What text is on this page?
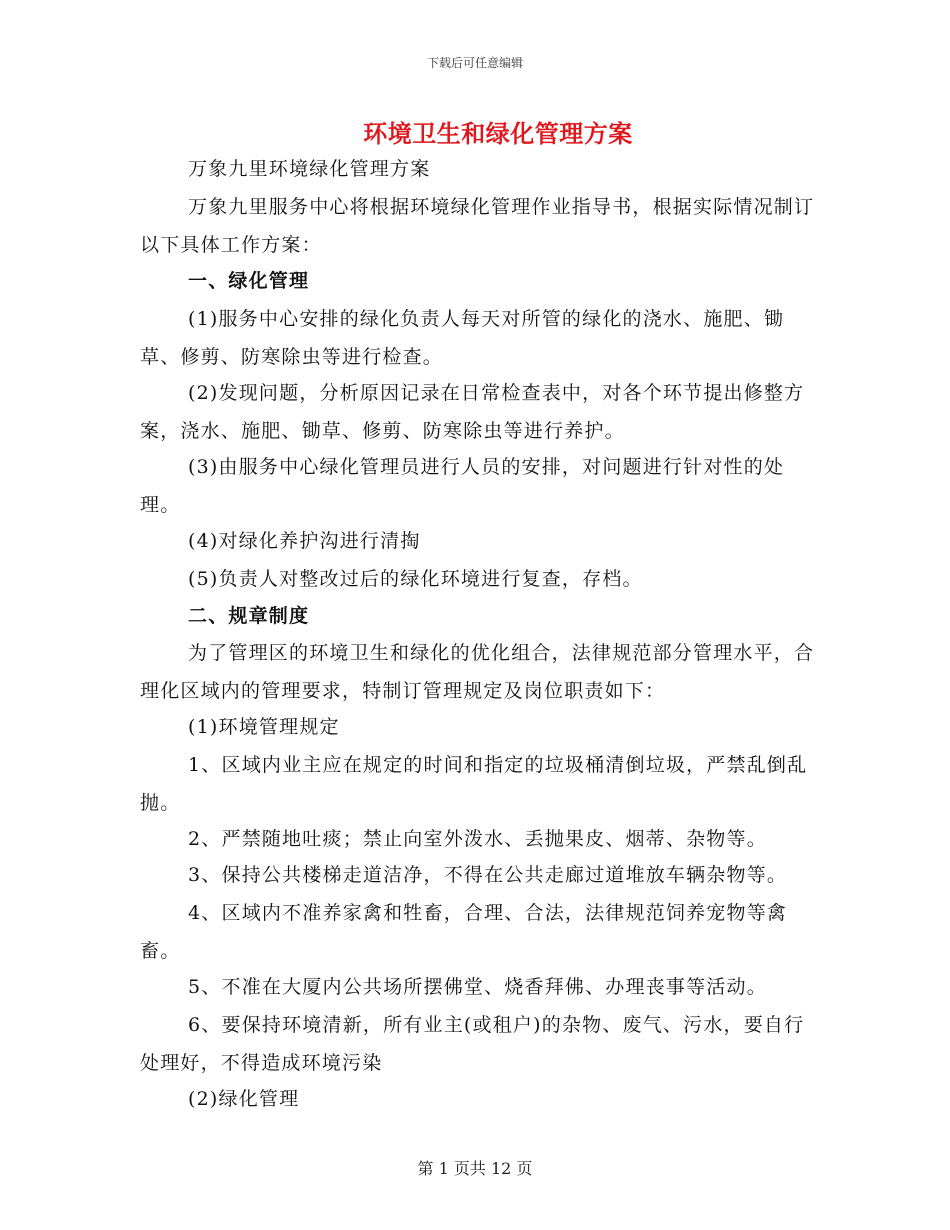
下载后可任意编辑
环境卫生和绿化管理方案

万象九里环境绿化管理方案

万象九里服务中心将根据环境绿化管理作业指导书，根据实际情况制订以下具体工作方案：

一、绿化管理

(1)服务中心安排的绿化负责人每天对所管的绿化的浇水、施肥、锄草、修剪、防寒除虫等进行检查。

(2)发现问题，分析原因记录在日常检查表中，对各个环节提出修整方案，浇水、施肥、锄草、修剪、防寒除虫等进行养护。

(3)由服务中心绿化管理员进行人员的安排，对问题进行针对性的处理。

(4)对绿化养护沟进行清掏

(5)负责人对整改过后的绿化环境进行复查，存档。

二、规章制度

为了管理区的环境卫生和绿化的优化组合，法律规范部分管理水平，合理化区域内的管理要求，特制订管理规定及岗位职责如下：

(1)环境管理规定

1、区域内业主应在规定的时间和指定的垃圾桶清倒垃圾，严禁乱倒乱抛。

2、严禁随地吐痰；禁止向室外泼水、丢抛果皮、烟蒂、杂物等。

3、保持公共楼梯走道洁净，不得在公共走廊过道堆放车辆杂物等。

4、区域内不准养家禽和牲畜，合理、合法，法律规范饲养宠物等禽畜。

5、不准在大厦内公共场所摆佛堂、烧香拜佛、办理丧事等活动。

6、要保持环境清新，所有业主(或租户)的杂物、废气、污水，要自行处理好，不得造成环境污染

(2)绿化管理

第 1 页共 12 页
